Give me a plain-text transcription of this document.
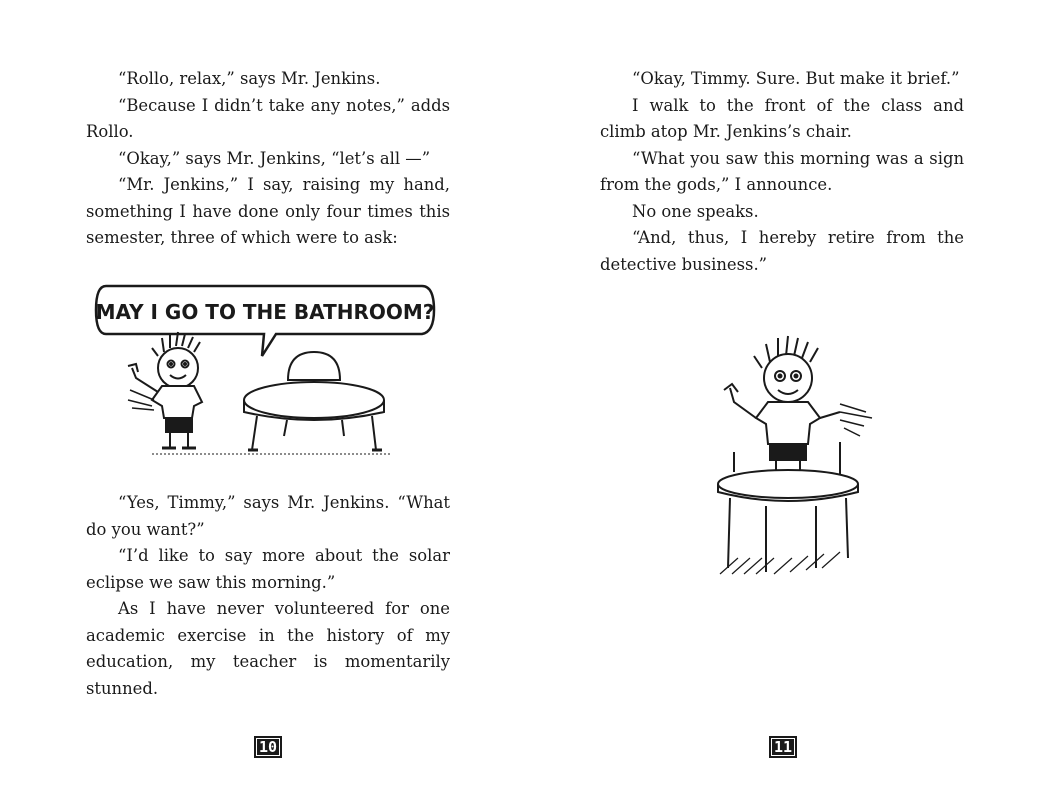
“Rollo, relax,” says Mr. Jenkins.

“Because I didn’t take any notes,” adds Rollo.

“Okay,” says Mr. Jenkins, “let’s all —”

“Mr. Jenkins,” I say, raising my hand, something I have done only four times this semester, three of which were to ask:

MAY I GO TO THE BATHROOM?

“Yes, Timmy,” says Mr. Jenkins. “What do you want?”

“I’d like to say more about the solar eclipse we saw this morning.”

As I have never volunteered for one academic exercise in the history of my education, my teacher is momentarily stunned.

10

“Okay, Timmy. Sure. But make it brief.”

I walk to the front of the class and climb atop Mr. Jenkins’s chair.

“What you saw this morning was a sign from the gods,” I announce.

No one speaks.

“And, thus, I hereby retire from the detective business.”

11
